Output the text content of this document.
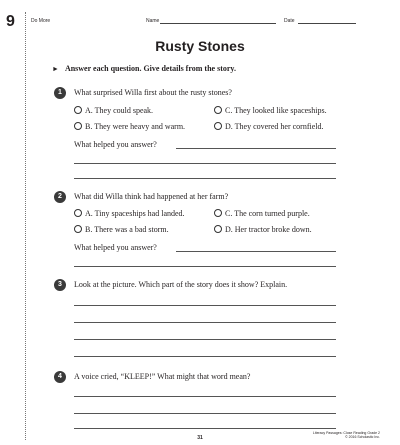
9	Do More	Name	Date
Rusty Stones
► Answer each question. Give details from the story.
1	What surprised Willa first about the rusty stones?
A. They could speak.	C. They looked like spaceships.
B. They were heavy and warm.	D. They covered her cornfield.
What helped you answer?
2	What did Willa think had happened at her farm?
A. Tiny spaceships had landed.	C. The corn turned purple.
B. There was a bad storm.	D. Her tractor broke down.
What helped you answer?
3	Look at the picture. Which part of the story does it show? Explain.
4	A voice cried, “KLEEP!” What might that word mean?
31
Literacy Passages: Close Reading Grade 2
© 2016 Scholastic Inc.
